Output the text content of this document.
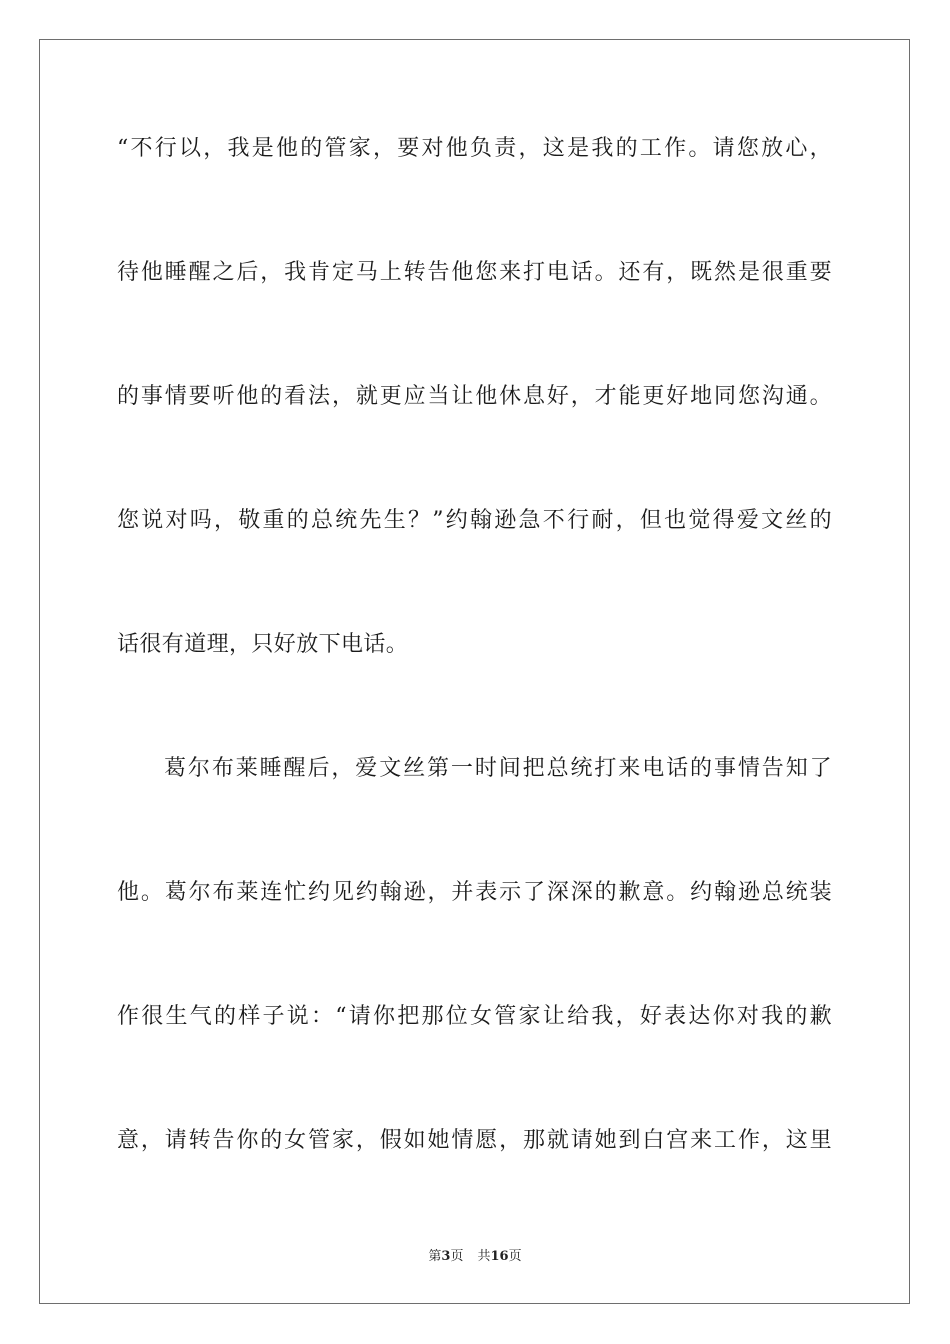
“不行以，我是他的管家，要对他负责，这是我的工作。请您放心，
待他睡醒之后，我肯定马上转告他您来打电话。还有，既然是很重要
的事情要听他的看法，就更应当让他休息好，才能更好地同您沟通。
您说对吗，敬重的总统先生？”约翰逊急不行耐，但也觉得爱文丝的
话很有道理，只好放下电话。
葛尔布莱睡醒后，爱文丝第一时间把总统打来电话的事情告知了
他。葛尔布莱连忙约见约翰逊，并表示了深深的歉意。约翰逊总统装
作很生气的样子说：“请你把那位女管家让给我，好表达你对我的歉
意，请转告你的女管家，假如她情愿，那就请她到白宫来工作，这里
第3页 共16页
